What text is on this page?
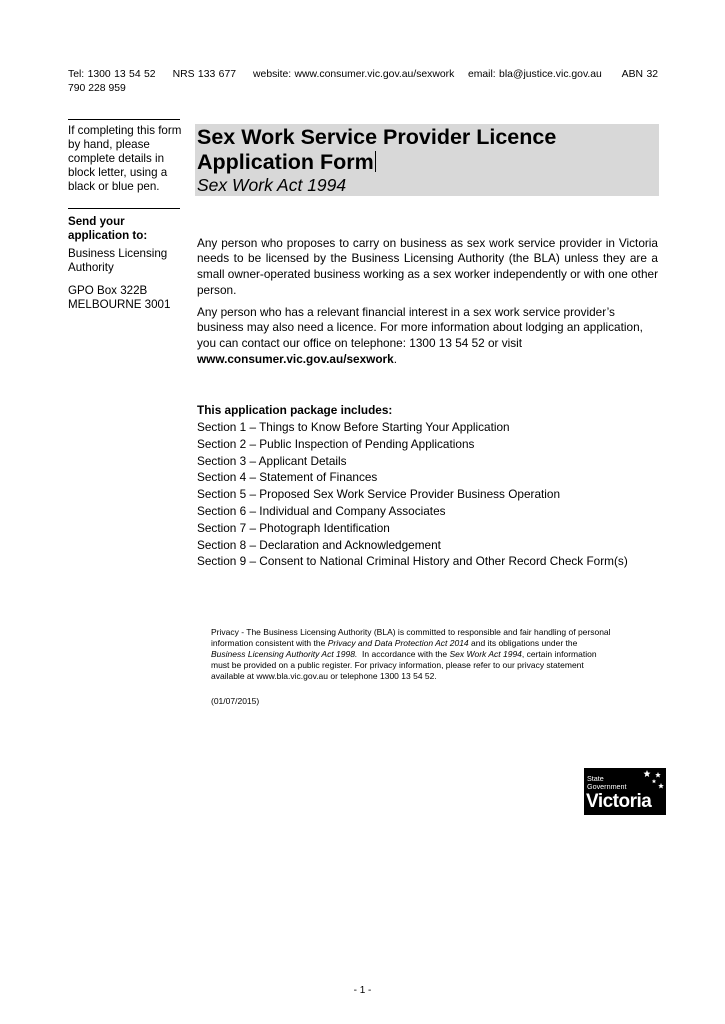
Tel: 1300 13 54 52 NRS 133 677 website: www.consumer.vic.gov.au/sexwork email: bla@justice.vic.gov.au ABN 32 790 228 959

If completing this form by hand, please complete details in block letter, using a black or blue pen.

Send your application to:

Business Licensing Authority

GPO Box 322B

MELBOURNE 3001

Sex Work Service Provider Licence
Application Form
Sex Work Act 1994

Any person who proposes to carry on business as sex work service provider in Victoria needs to be licensed by the Business Licensing Authority (the BLA) unless they are a small owner-operated business working as a sex worker independently or with one other person.

Any person who has a relevant financial interest in a sex work service provider’s business may also need a licence. For more information about lodging an application, you can contact our office on telephone: 1300 13 54 52 or visit www.consumer.vic.gov.au/sexwork.

This application package includes:

Section 1 – Things to Know Before Starting Your Application
Section 2 – Public Inspection of Pending Applications
Section 3 – Applicant Details
Section 4 – Statement of Finances
Section 5 – Proposed Sex Work Service Provider Business Operation
Section 6 – Individual and Company Associates
Section 7 – Photograph Identification
Section 8 – Declaration and Acknowledgement
Section 9 – Consent to National Criminal History and Other Record Check Form(s)

Privacy - The Business Licensing Authority (BLA) is committed to responsible and fair handling of personal information consistent with the Privacy and Data Protection Act 2014 and its obligations under the Business Licensing Authority Act 1998.  In accordance with the Sex Work Act 1994, certain information must be provided on a public register. For privacy information, please refer to our privacy statement available at www.bla.vic.gov.au or telephone 1300 13 54 52.

(01/07/2015)
State
Government
Victoria
- 1 -
